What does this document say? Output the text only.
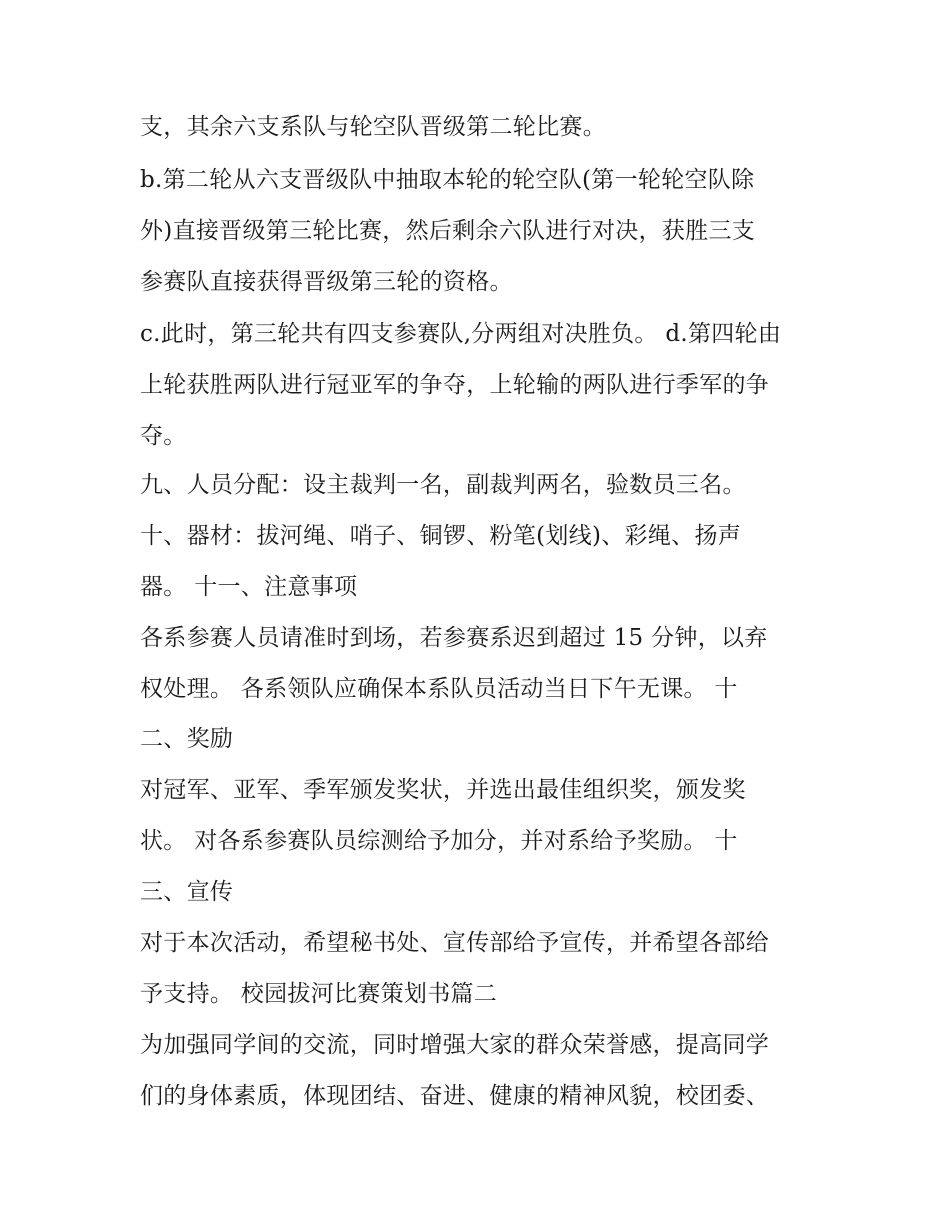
支，其余六支系队与轮空队晋级第二轮比赛。
b.第二轮从六支晋级队中抽取本轮的轮空队(第一轮轮空队除
外)直接晋级第三轮比赛，然后剩余六队进行对决，获胜三支
参赛队直接获得晋级第三轮的资格。
c.此时，第三轮共有四支参赛队,分两组对决胜负。 d.第四轮由
上轮获胜两队进行冠亚军的争夺，上轮输的两队进行季军的争
夺。
九、人员分配：设主裁判一名，副裁判两名，验数员三名。
十、器材：拔河绳、哨子、铜锣、粉笔(划线)、彩绳、扬声
器。 十一、注意事项
各系参赛人员请准时到场，若参赛系迟到超过 15 分钟，以弃
权处理。 各系领队应确保本系队员活动当日下午无课。 十
二、奖励
对冠军、亚军、季军颁发奖状，并选出最佳组织奖，颁发奖
状。 对各系参赛队员综测给予加分，并对系给予奖励。 十
三、宣传
对于本次活动，希望秘书处、宣传部给予宣传，并希望各部给
予支持。 校园拔河比赛策划书篇二
为加强同学间的交流，同时增强大家的群众荣誉感，提高同学
们的身体素质，体现团结、奋进、健康的精神风貌，校团委、
